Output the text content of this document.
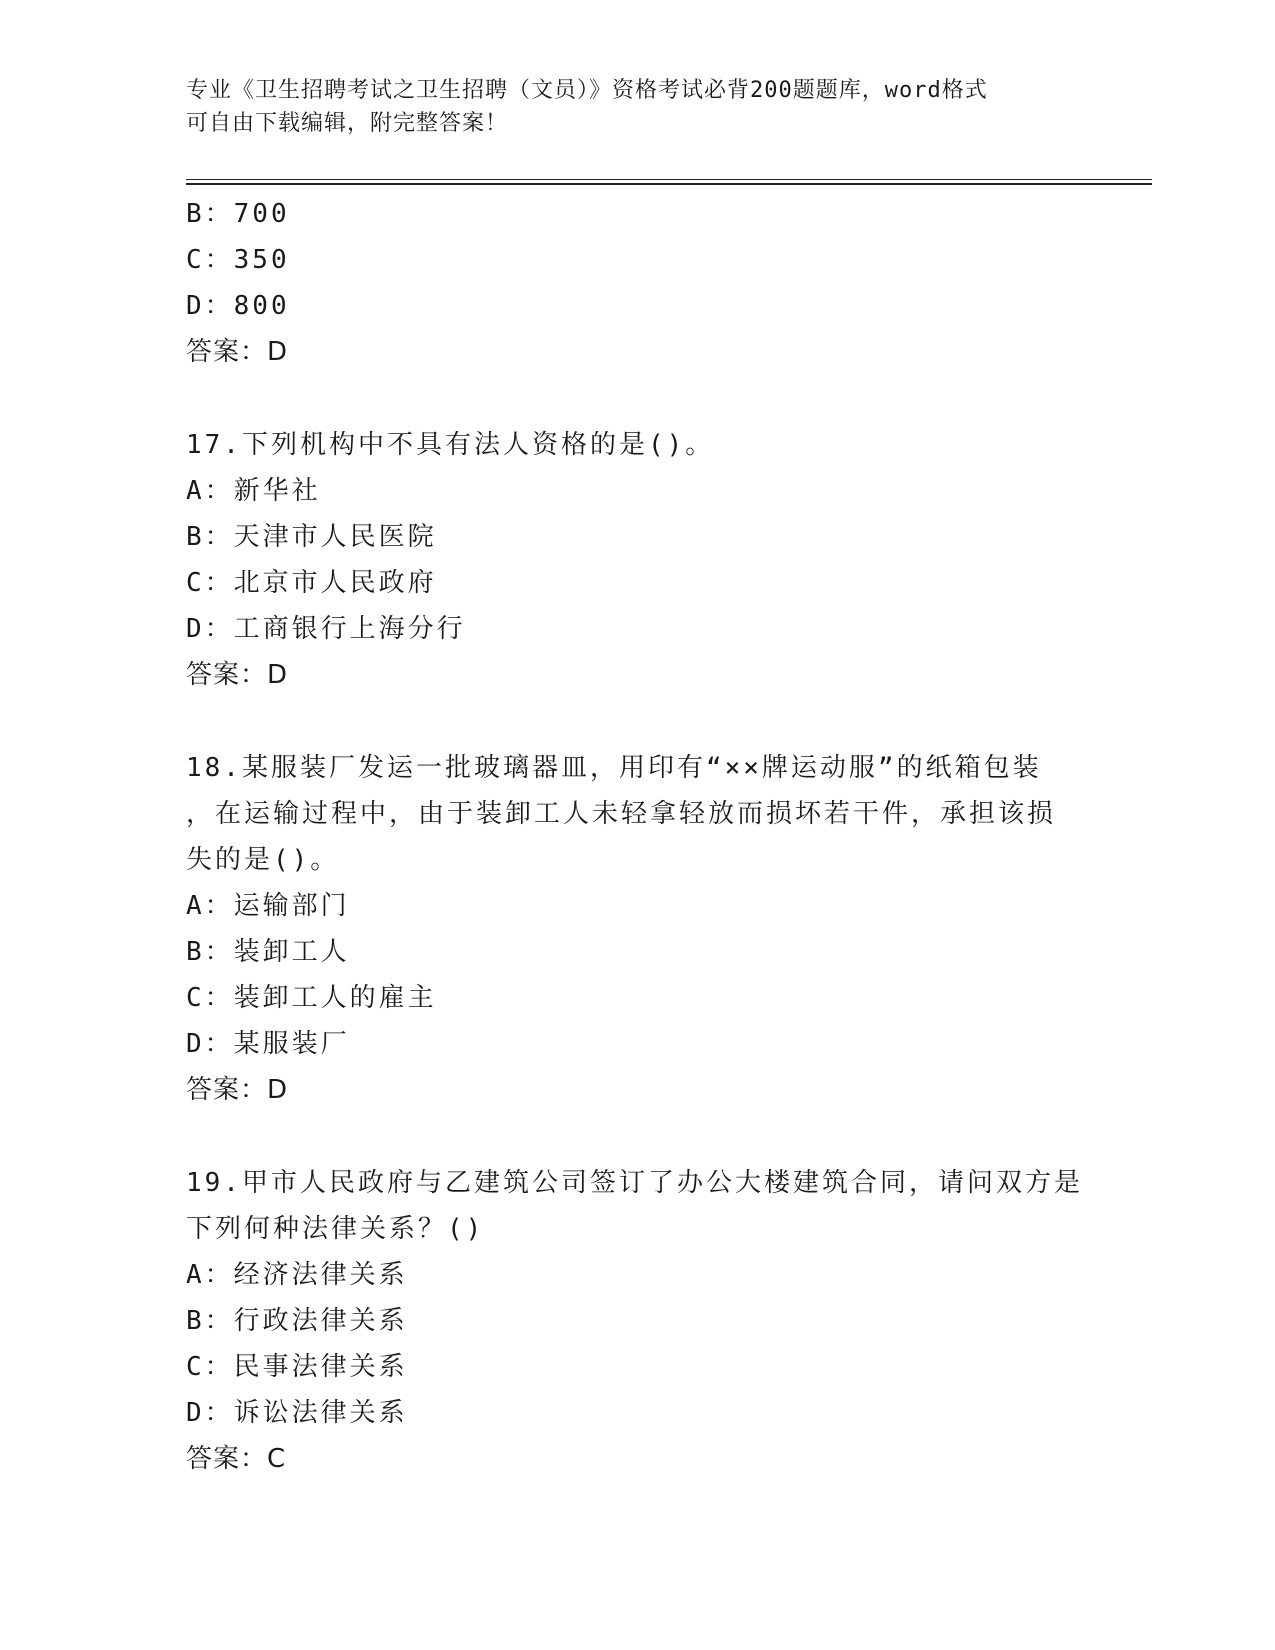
专业《卫生招聘考试之卫生招聘（文员）》资格考试必背200题题库，word格式
可自由下载编辑，附完整答案！
B：700
C：350
D：800
答案：D
17.下列机构中不具有法人资格的是()。
A：新华社
B：天津市人民医院
C：北京市人民政府
D：工商银行上海分行
答案：D
18.某服装厂发运一批玻璃器皿，用印有“××牌运动服”的纸箱包装
，在运输过程中，由于装卸工人未轻拿轻放而损坏若干件，承担该损
失的是()。
A：运输部门
B：装卸工人
C：装卸工人的雇主
D：某服装厂
答案：D
19.甲市人民政府与乙建筑公司签订了办公大楼建筑合同，请问双方是
下列何种法律关系？()
A：经济法律关系
B：行政法律关系
C：民事法律关系
D：诉讼法律关系
答案：C
